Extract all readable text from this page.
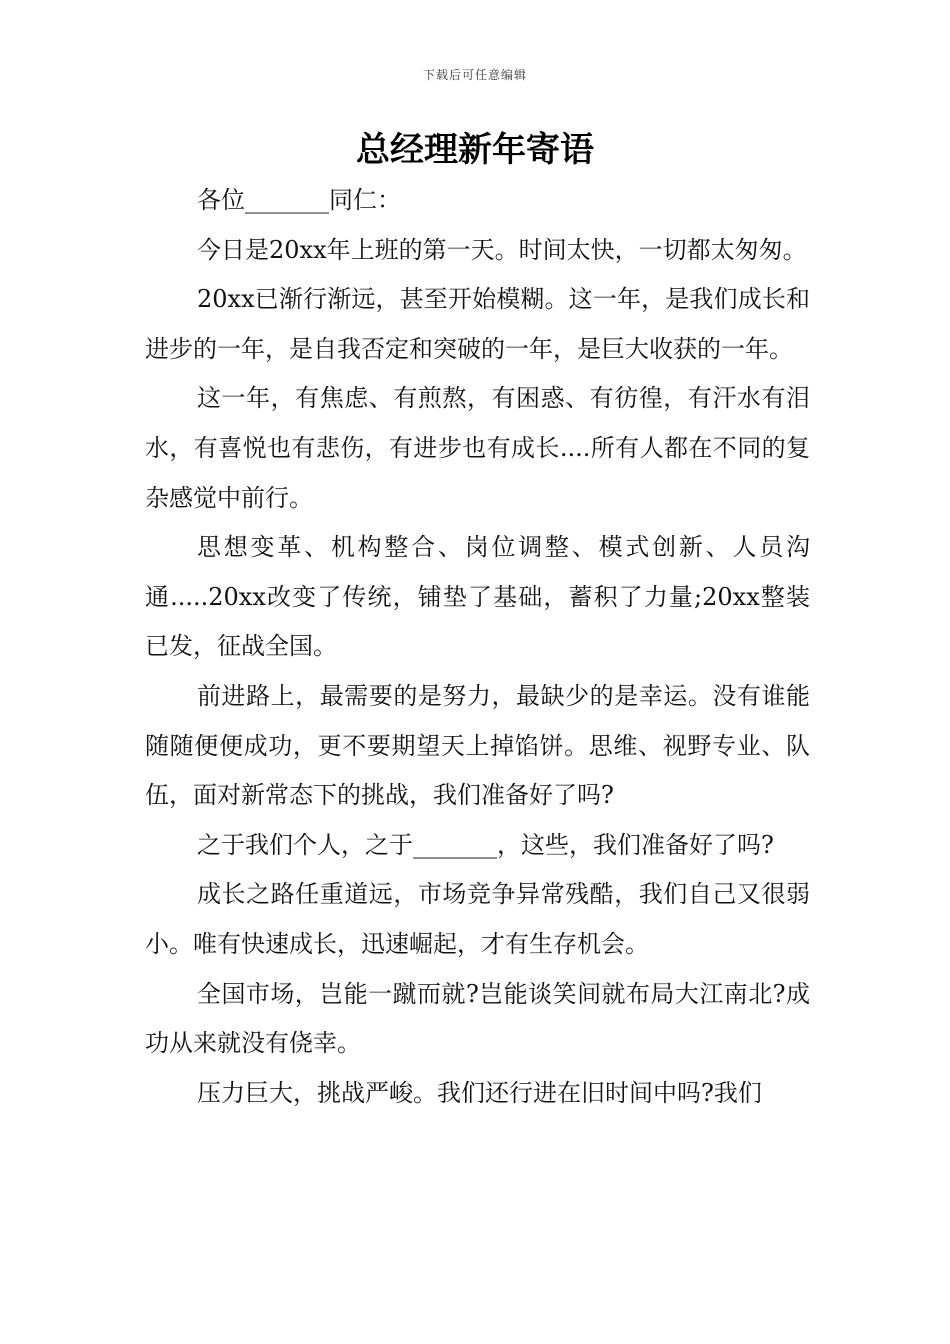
下载后可任意编辑
总经理新年寄语

各位_______同仁：

今日是20xx年上班的第一天。时间太快，一切都太匆匆。

20xx已渐行渐远，甚至开始模糊。这一年，是我们成长和进步的一年，是自我否定和突破的一年，是巨大收获的一年。

这一年，有焦虑、有煎熬，有困惑、有彷徨，有汗水有泪水，有喜悦也有悲伤，有进步也有成长....所有人都在不同的复杂感觉中前行。

思想变革、机构整合、岗位调整、模式创新、人员沟通.....20xx改变了传统，铺垫了基础，蓄积了力量;20xx整装已发，征战全国。

前进路上，最需要的是努力，最缺少的是幸运。没有谁能随随便便成功，更不要期望天上掉馅饼。思维、视野专业、队伍，面对新常态下的挑战，我们准备好了吗?

之于我们个人，之于_______，这些，我们准备好了吗?

成长之路任重道远，市场竞争异常残酷，我们自己又很弱小。唯有快速成长，迅速崛起，才有生存机会。

全国市场，岂能一蹴而就?岂能谈笑间就布局大江南北?成功从来就没有侥幸。

压力巨大，挑战严峻。我们还行进在旧时间中吗?我们
